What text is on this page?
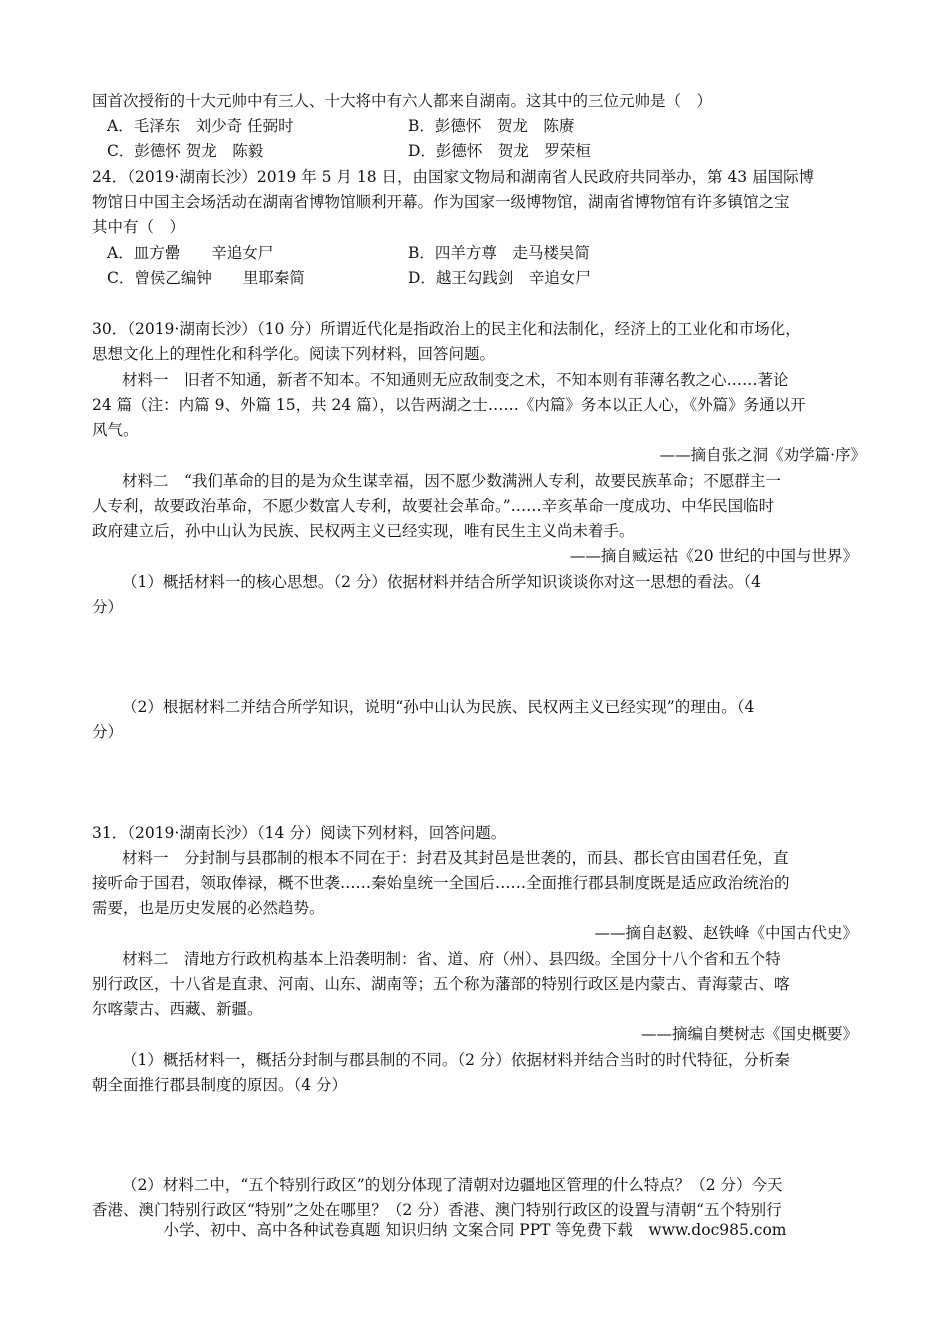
国首次授衔的十大元帅中有三人、十大将中有六人都来自湖南。这其中的三位元帅是（　）
A．毛泽东　刘少奇 任弼时	B．彭德怀　贺龙　陈赓
C．彭德怀 贺龙　陈毅	D．彭德怀　贺龙　罗荣桓
24．（2019·湖南长沙）2019 年 5 月 18 日，由国家文物局和湖南省人民政府共同举办，第 43 届国际博
物馆日中国主会场活动在湖南省博物馆顺利开幕。作为国家一级博物馆，湖南省博物馆有许多镇馆之宝
其中有（　）
A．皿方罍　　辛追女尸	B．四羊方尊　走马楼吴简
C．曾侯乙编钟　　里耶秦简	D．越王勾践剑　辛追女尸
30．（2019·湖南长沙）（10 分）所谓近代化是指政治上的民主化和法制化，经济上的工业化和市场化，
思想文化上的理性化和科学化。阅读下列材料，回答问题。
材料一　旧者不知通，新者不知本。不知通则无应敌制变之术，不知本则有菲薄名教之心……著论
24 篇（注：内篇 9、外篇 15，共 24 篇），以告两湖之士……《内篇》务本以正人心，《外篇》务通以开
风气。
——摘自张之洞《劝学篇·序》
材料二　“我们革命的目的是为众生谋幸福，因不愿少数满洲人专利，故要民族革命；不愿群主一
人专利，故要政治革命，不愿少数富人专利，故要社会革命。”……辛亥革命一度成功、中华民国临时
政府建立后，孙中山认为民族、民权两主义已经实现，唯有民生主义尚未着手。
——摘自臧运祜《20 世纪的中国与世界》
（1）概括材料一的核心思想。（2 分）依据材料并结合所学知识谈谈你对这一思想的看法。（4
分）
（2）根据材料二并结合所学知识，说明“孙中山认为民族、民权两主义已经实现”的理由。（4
分）
31．（2019·湖南长沙）（14 分）阅读下列材料，回答问题。
材料一　分封制与县郡制的根本不同在于：封君及其封邑是世袭的，而县、郡长官由国君任免，直
接听命于国君，领取俸禄，概不世袭……秦始皇统一全国后……全面推行郡县制度既是适应政治统治的
需要，也是历史发展的必然趋势。
——摘自赵毅、赵铁峰《中国古代史》
材料二　清地方行政机构基本上沿袭明制：省、道、府（州）、县四级。全国分十八个省和五个特
别行政区，十八省是直隶、河南、山东、湖南等；五个称为藩部的特别行政区是内蒙古、青海蒙古、喀
尔喀蒙古、西藏、新疆。
——摘编自樊树志《国史概要》
（1）概括材料一，概括分封制与郡县制的不同。（2 分）依据材料并结合当时的时代特征，分析秦
朝全面推行郡县制度的原因。（4 分）
（2）材料二中，“五个特别行政区”的划分体现了清朝对边疆地区管理的什么特点？（2 分）今天
香港、澳门特别行政区“特别”之处在哪里？（2 分）香港、澳门特别行政区的设置与清朝“五个特别行
小学、初中、高中各种试卷真题 知识归纳 文案合同 PPT 等免费下载　www.doc985.com
